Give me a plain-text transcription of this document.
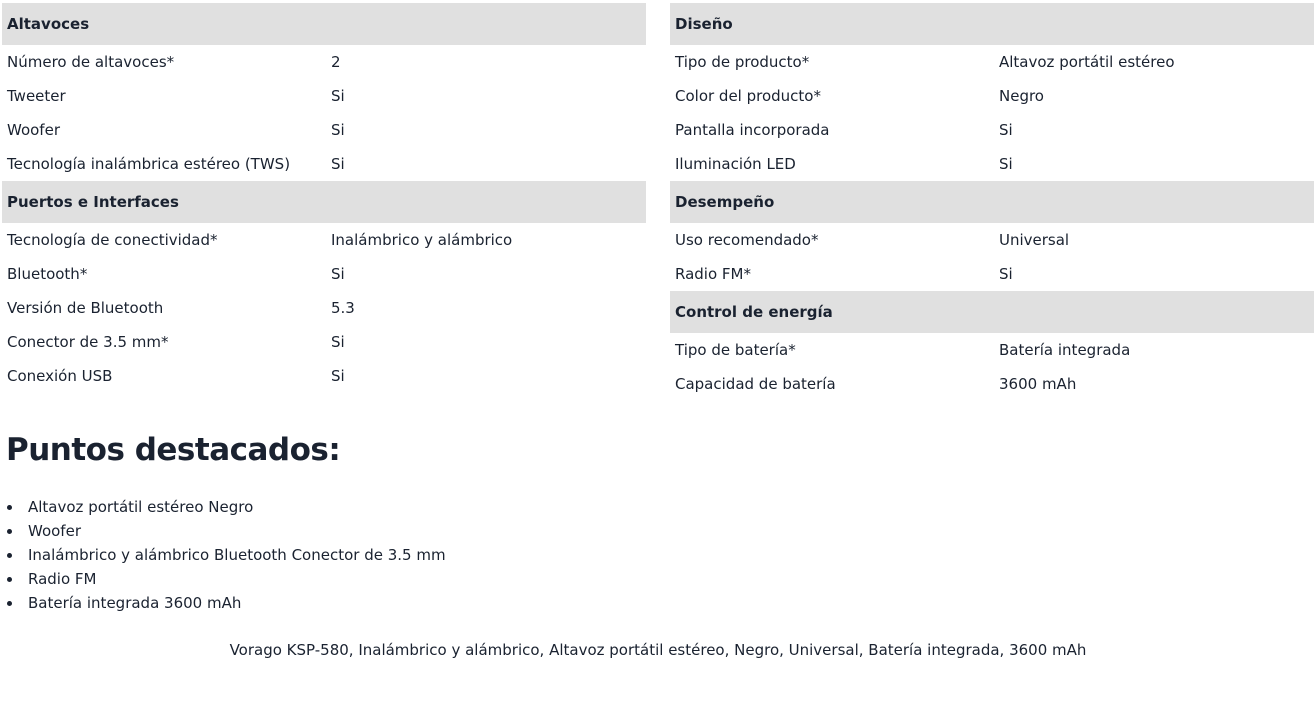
Altavoces
Número de altavoces*	2
Tweeter	Si
Woofer	Si
Tecnología inalámbrica estéreo (TWS)	Si
Puertos e Interfaces
Tecnología de conectividad*	Inalámbrico y alámbrico
Bluetooth*	Si
Versión de Bluetooth	5.3
Conector de 3.5 mm*	Si
Conexión USB	Si
Diseño
Tipo de producto*	Altavoz portátil estéreo
Color del producto*	Negro
Pantalla incorporada	Si
Iluminación LED	Si
Desempeño
Uso recomendado*	Universal
Radio FM*	Si
Control de energía
Tipo de batería*	Batería integrada
Capacidad de batería	3600 mAh
Puntos destacados:
Altavoz portátil estéreo Negro
Woofer
Inalámbrico y alámbrico Bluetooth Conector de 3.5 mm
Radio FM
Batería integrada 3600 mAh
Vorago KSP-580, Inalámbrico y alámbrico, Altavoz portátil estéreo, Negro, Universal, Batería integrada, 3600 mAh
